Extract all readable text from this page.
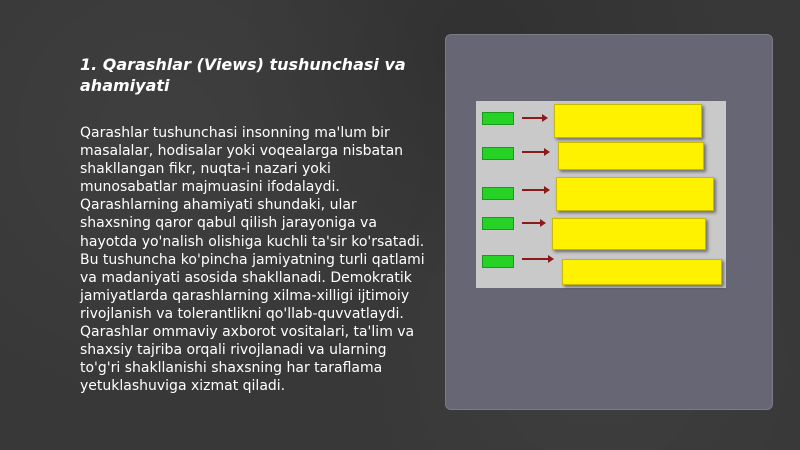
1. Qarashlar (Views) tushunchasi va ahamiyati

Qarashlar tushunchasi insonning ma'lum bir masalalar, hodisalar yoki voqealarga nisbatan shakllangan fikr, nuqta-i nazari yoki munosabatlar majmuasini ifodalaydi. Qarashlarning ahamiyati shundaki, ular shaxsning qaror qabul qilish jarayoniga va hayotda yo'nalish olishiga kuchli ta'sir ko'rsatadi. Bu tushuncha ko'pincha jamiyatning turli qatlami va madaniyati asosida shakllanadi. Demokratik jamiyatlarda qarashlarning xilma-xilligi ijtimoiy rivojlanish va tolerantlikni qo'llab-quvvatlaydi. Qarashlar ommaviy axborot vositalari, ta'lim va shaxsiy tajriba orqali rivojlanadi va ularning to'g'ri shakllanishi shaxsning har taraflama yetuklashuviga xizmat qiladi.
